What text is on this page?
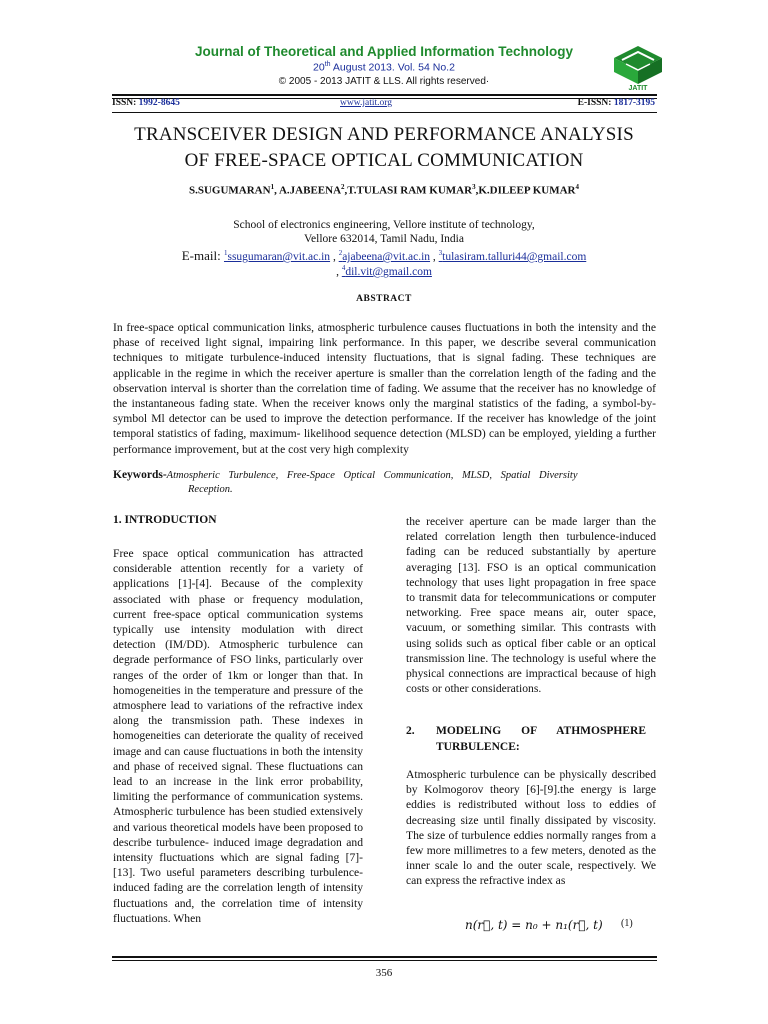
Journal of Theoretical and Applied Information Technology
20th August 2013. Vol. 54 No.2
© 2005 - 2013 JATIT & LLS. All rights reserved·
JATIT
ISSN: 1992-8645	www.jatit.org	E-ISSN: 1817-3195
TRANSCEIVER DESIGN AND PERFORMANCE ANALYSIS
OF FREE-SPACE OPTICAL COMMUNICATION
S.SUGUMARAN$^1$, A.JABEENA$^2$,T.TULASI RAM KUMAR$^3$,K.DILEEP KUMAR$^4$
School of electronics engineering, Vellore institute of technology,
Vellore 632014, Tamil Nadu, India
E-mail: $^1$ssugumaran@vit.ac.in , $^2$ajabeena@vit.ac.in , $^3$tulasiram.talluri44@gmail.com
, $^4$dil.vit@gmail.com
ABSTRACT
In free-space optical communication links, atmospheric turbulence causes fluctuations in both the intensity and the phase of received light signal, impairing link performance. In this paper, we describe several communication techniques to mitigate turbulence-induced intensity fluctuations, that is signal fading. These techniques are applicable in the regime in which the receiver aperture is smaller than the correlation length of the fading and the observation interval is shorter than the correlation time of fading. We assume that the receiver has no knowledge of the instantaneous fading state. When the receiver knows only the marginal statistics of the fading, a symbol-by-symbol Ml detector can be used to improve the detection performance. If the receiver has knowledge of the joint temporal statistics of fading, maximum- likelihood sequence detection (MLSD) can be employed, yielding a further performance improvement, but at the cost very high complexity
Keywords-Atmospheric Turbulence, Free-Space Optical Communication, MLSD, Spatial Diversity
Reception.
1. INTRODUCTION
Free space optical communication has attracted considerable attention recently for a variety of applications [1]-[4]. Because of the complexity associated with phase or frequency modulation, current free-space optical communication systems typically use intensity modulation with direct detection (IM/DD). Atmospheric turbulence can degrade performance of FSO links, particularly over ranges of the order of 1km or longer than that. In homogeneities in the temperature and pressure of the atmosphere lead to variations of the refractive index along the transmission path. These indexes in homogeneities can deteriorate the quality of received image and can cause fluctuations in both the intensity and phase of received signal. These fluctuations can lead to an increase in the link error probability, limiting the performance of communication systems. Atmospheric turbulence has been studied extensively and various theoretical models have been proposed to describe turbulence- induced image degradation and intensity fluctuations which are signal fading [7]-[13]. Two useful parameters describing turbulence-induced fading are the correlation length of intensity fluctuations and, the correlation time of intensity fluctuations. When
the receiver aperture can be made larger than the related correlation length then turbulence-induced fading can be reduced substantially by aperture averaging [13]. FSO is an optical communication technology that uses light propagation in free space to transmit data for telecommunications or computer networking. Free space means air, outer space, vacuum, or something similar. This contrasts with using solids such as optical fiber cable or an optical transmission line. The technology is useful where the physical connections are impractical because of high costs or other considerations.
2. MODELING OF ATHMOSPHERE
TURBULENCE:
Atmospheric turbulence can be physically described by Kolmogorov theory [6]-[9].the energy is large eddies is redistributed without loss to eddies of decreasing size until finally dissipated by viscosity. The size of turbulence eddies normally ranges from a few more millimetres to a few meters, denoted as the inner scale lo and the outer scale, respectively. We can express the refractive index as
n(r⃗, t) = n₀ + n₁(r⃗, t) (1)
356
